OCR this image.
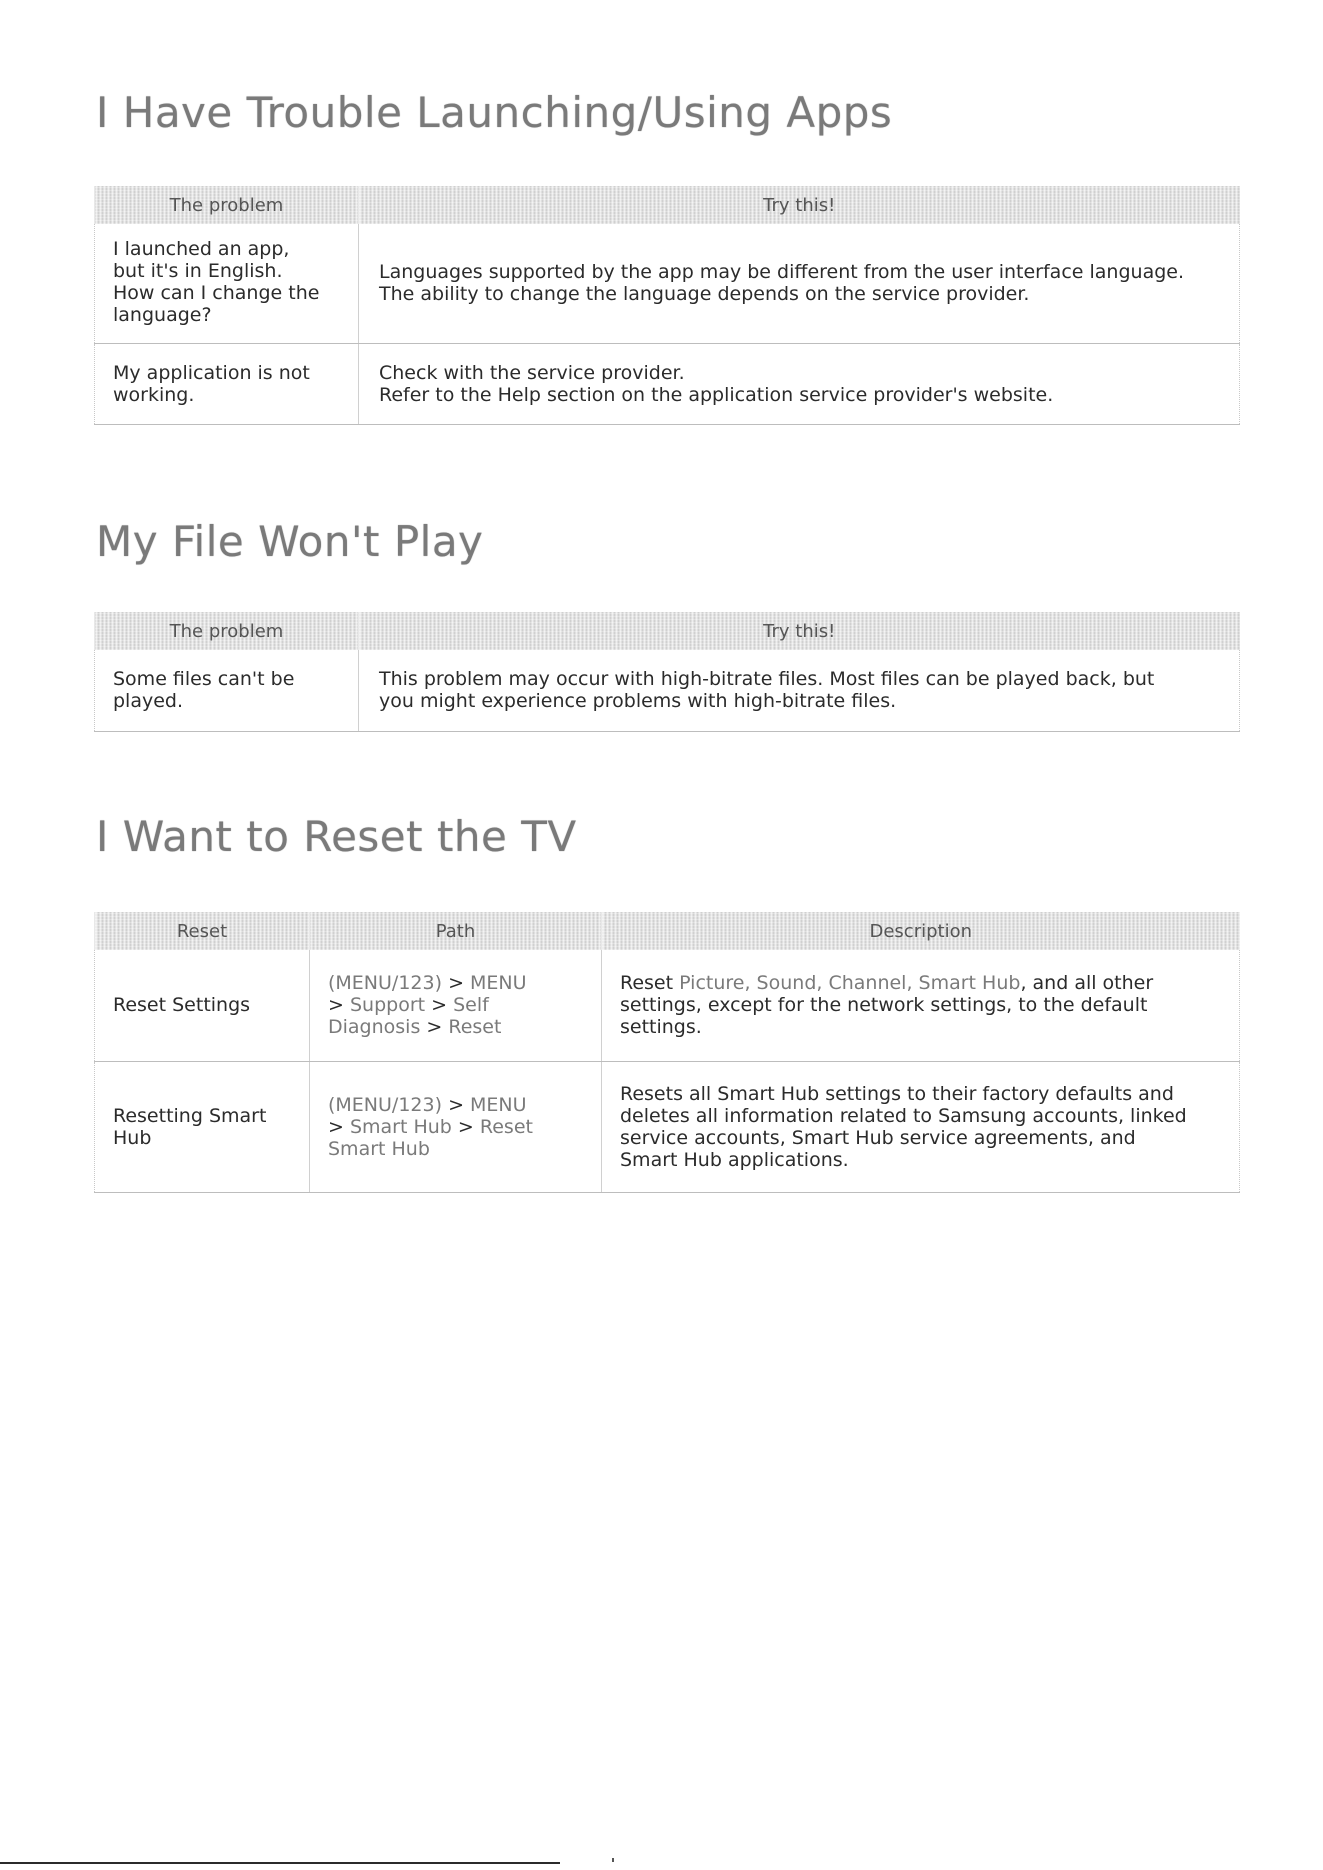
I Have Trouble Launching/Using Apps
The problem	Try this!

I launched an app,
but it's in English.
How can I change the
language?	Languages supported by the app may be different from the user interface language.
The ability to change the language depends on the service provider.

My application is not
working.	Check with the service provider.
Refer to the Help section on the application service provider's website.
My File Won't Play
The problem	Try this!

Some files can't be
played.	This problem may occur with high-bitrate files. Most files can be played back, but
you might experience problems with high-bitrate files.
I Want to Reset the TV
Reset	Path	Description
Reset Settings	(MENU/123) > MENU
> Support > Self
Diagnosis > Reset	Reset Picture, Sound, Channel, Smart Hub, and all other
settings, except for the network settings, to the default
settings.

Resetting Smart
Hub	(MENU/123) > MENU
> Smart Hub > Reset
Smart Hub	Resets all Smart Hub settings to their factory defaults and
deletes all information related to Samsung accounts, linked
service accounts, Smart Hub service agreements, and
Smart Hub applications.
